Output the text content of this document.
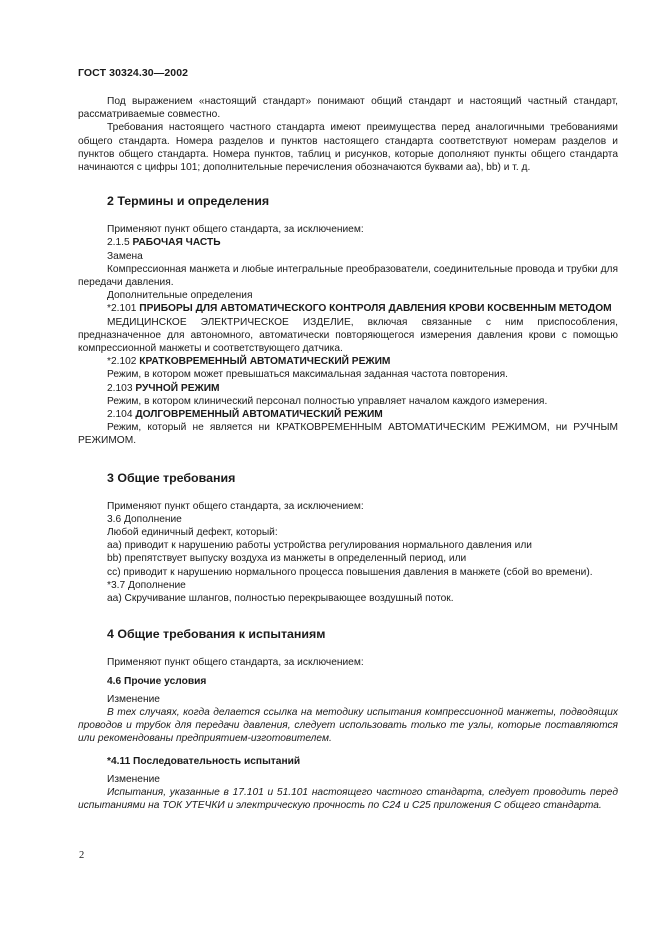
ГОСТ 30324.30—2002

Под выражением «настоящий стандарт» понимают общий стандарт и настоящий частный стандарт, рассматриваемые совместно.

Требования настоящего частного стандарта имеют преимущества перед аналогичными требованиями общего стандарта. Номера разделов и пунктов настоящего стандарта соответствуют номерам разделов и пунктов общего стандарта. Номера пунктов, таблиц и рисунков, которые дополняют пункты общего стандарта начинаются с цифры 101; дополнительные перечисления обозначаются буквами аа), bb) и т. д.

2 Термины и определения

Применяют пункт общего стандарта, за исключением:

2.1.5 РАБОЧАЯ ЧАСТЬ

Замена

Компрессионная манжета и любые интегральные преобразователи, соединительные провода и трубки для передачи давления.

Дополнительные определения

*2.101 ПРИБОРЫ ДЛЯ АВТОМАТИЧЕСКОГО КОНТРОЛЯ ДАВЛЕНИЯ КРОВИ КОСВЕННЫМ МЕТОДОМ

МЕДИЦИНСКОЕ ЭЛЕКТРИЧЕСКОЕ ИЗДЕЛИЕ, включая связанные с ним приспособления, предназначенное для автономного, автоматически повторяющегося измерения давления крови с помощью компрессионной манжеты и соответствующего датчика.

*2.102 КРАТКОВРЕМЕННЫЙ АВТОМАТИЧЕСКИЙ РЕЖИМ

Режим, в котором может превышаться максимальная заданная частота повторения.

2.103 РУЧНОЙ РЕЖИМ

Режим, в котором клинический персонал полностью управляет началом каждого измерения.

2.104 ДОЛГОВРЕМЕННЫЙ АВТОМАТИЧЕСКИЙ РЕЖИМ

Режим, который не является ни КРАТКОВРЕМЕННЫМ АВТОМАТИЧЕСКИМ РЕЖИМОМ, ни РУЧНЫМ РЕЖИМОМ.

3 Общие требования

Применяют пункт общего стандарта, за исключением:

3.6 Дополнение

Любой единичный дефект, который:

аа) приводит к нарушению работы устройства регулирования нормального давления или

bb) препятствует выпуску воздуха из манжеты в определенный период, или

cc) приводит к нарушению нормального процесса повышения давления в манжете (сбой во времени).

*3.7 Дополнение

аа) Скручивание шлангов, полностью перекрывающее воздушный поток.

4 Общие требования к испытаниям

Применяют пункт общего стандарта, за исключением:

4.6 Прочие условия

Изменение

В тех случаях, когда делается ссылка на методику испытания компрессионной манжеты, подводящих проводов и трубок для передачи давления, следует использовать только те узлы, которые поставляются или рекомендованы предприятием-изготовителем.

*4.11 Последовательность испытаний

Изменение

Испытания, указанные в 17.101 и 51.101 настоящего частного стандарта, следует проводить перед испытаниями на ТОК УТЕЧКИ и электрическую прочность по С24 и С25 приложения С общего стандарта.

2
